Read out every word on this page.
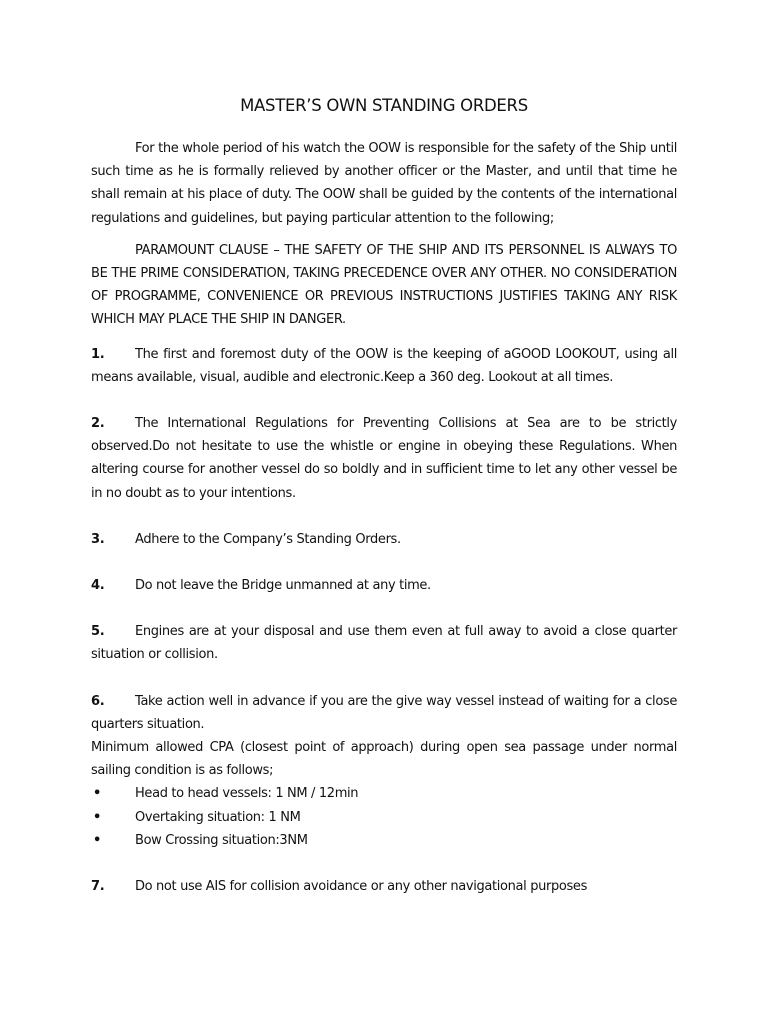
MASTER’S OWN STANDING ORDERS

For the whole period of his watch the OOW is responsible for the safety of the Ship until such time as he is formally relieved by another officer or the Master, and until that time he shall remain at his place of duty. The OOW shall be guided by the contents of the international regulations and guidelines, but paying particular attention to the following;

PARAMOUNT CLAUSE – THE SAFETY OF THE SHIP AND ITS PERSONNEL IS ALWAYS TO BE THE PRIME CONSIDERATION, TAKING PRECEDENCE OVER ANY OTHER. NO CONSIDERATION OF PROGRAMME, CONVENIENCE OR PREVIOUS INSTRUCTIONS JUSTIFIES TAKING ANY RISK WHICH MAY PLACE THE SHIP IN DANGER.

1. The first and foremost duty of the OOW is the keeping of aGOOD LOOKOUT, using all means available, visual, audible and electronic.Keep a 360 deg. Lookout at all times.
2. The International Regulations for Preventing Collisions at Sea are to be strictly observed.Do not hesitate to use the whistle or engine in obeying these Regulations. When altering course for another vessel do so boldly and in sufficient time to let any other vessel be in no doubt as to your intentions.
3. Adhere to the Company’s Standing Orders.
4. Do not leave the Bridge unmanned at any time.
5. Engines are at your disposal and use them even at full away to avoid a close quarter situation or collision.
6. Take action well in advance if you are the give way vessel instead of waiting for a close quarters situation.

Minimum allowed CPA (closest point of approach) during open sea passage under normal sailing condition is as follows;

•	Head to head vessels: 1 NM / 12min
•	Overtaking situation: 1 NM
•	Bow Crossing situation:3NM
7. Do not use AIS for collision avoidance or any other navigational purposes
